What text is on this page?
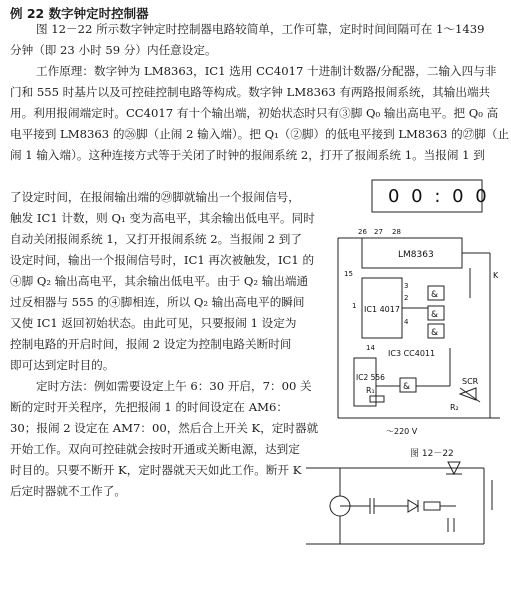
例 22 数字钟定时控制器
图 12－22 所示数字钟定时控制器电路较简单，工作可靠，定时时间间隔可在 1～1439
分钟（即 23 小时 59 分）内任意设定。
工作原理：数字钟为 LM8363，IC1 选用 CC4017 十进制计数器/分配器，二输入四与非
门和 555 时基片以及可控硅控制电路等构成。数字钟 LM8363 有两路报闹系统，其输出端共
用。利用报闹端定时。CC4017 有十个输出端，初始状态时只有③脚 Q₀ 输出高电平。把 Q₀ 高
电平接到 LM8363 的㉖脚（止闹 2 输入端）。把 Q₁（②脚）的低电平接到 LM8363 的㉗脚（止
闹 1 输入端）。这种连接方式等于关闭了时钟的报闹系统 2，打开了报闹系统 1。当报闹 1 到
了设定时间，在报闹输出端的㉙脚就输出一个报闹信号，
触发 IC1 计数，则 Q₁ 变为高电平，其余输出低电平。同时
自动关闭报闹系统 1，又打开报闹系统 2。当报闹 2 到了
设定时间，输出一个报闹信号时，IC1 再次被触发，IC1 的
④脚 Q₂ 输出高电平，其余输出低电平。由于 Q₂ 输出端通
过反相器与 555 的④脚相连，所以 Q₂ 输出高电平的瞬间
又使 IC1 返回初始状态。由此可见，只要报闹 1 设定为
控制电路的开启时间，报闹 2 设定为控制电路关断时间
即可达到定时目的。
定时方法：例如需要设定上午 6：30 开启，7：00 关
断的定时开关程序，先把报闹 1 的时间设定在 AM6：
30；报闹 2 设定在 AM7：00，然后合上开关 K，定时器就
开始工作。双向可控硅就会按时开通或关断电源，达到定
时目的。只要不断开 K，定时器就天天如此工作。断开 K
后定时器就不工作了。
0 0 : 0 0
LM8363
IC1 4017
IC2 556
IC3 CC4011
&
&
&
&
SCR
K
R₁
R₂
～220 V
26 27 28
3
2
4
14
15
1
图 12－22
